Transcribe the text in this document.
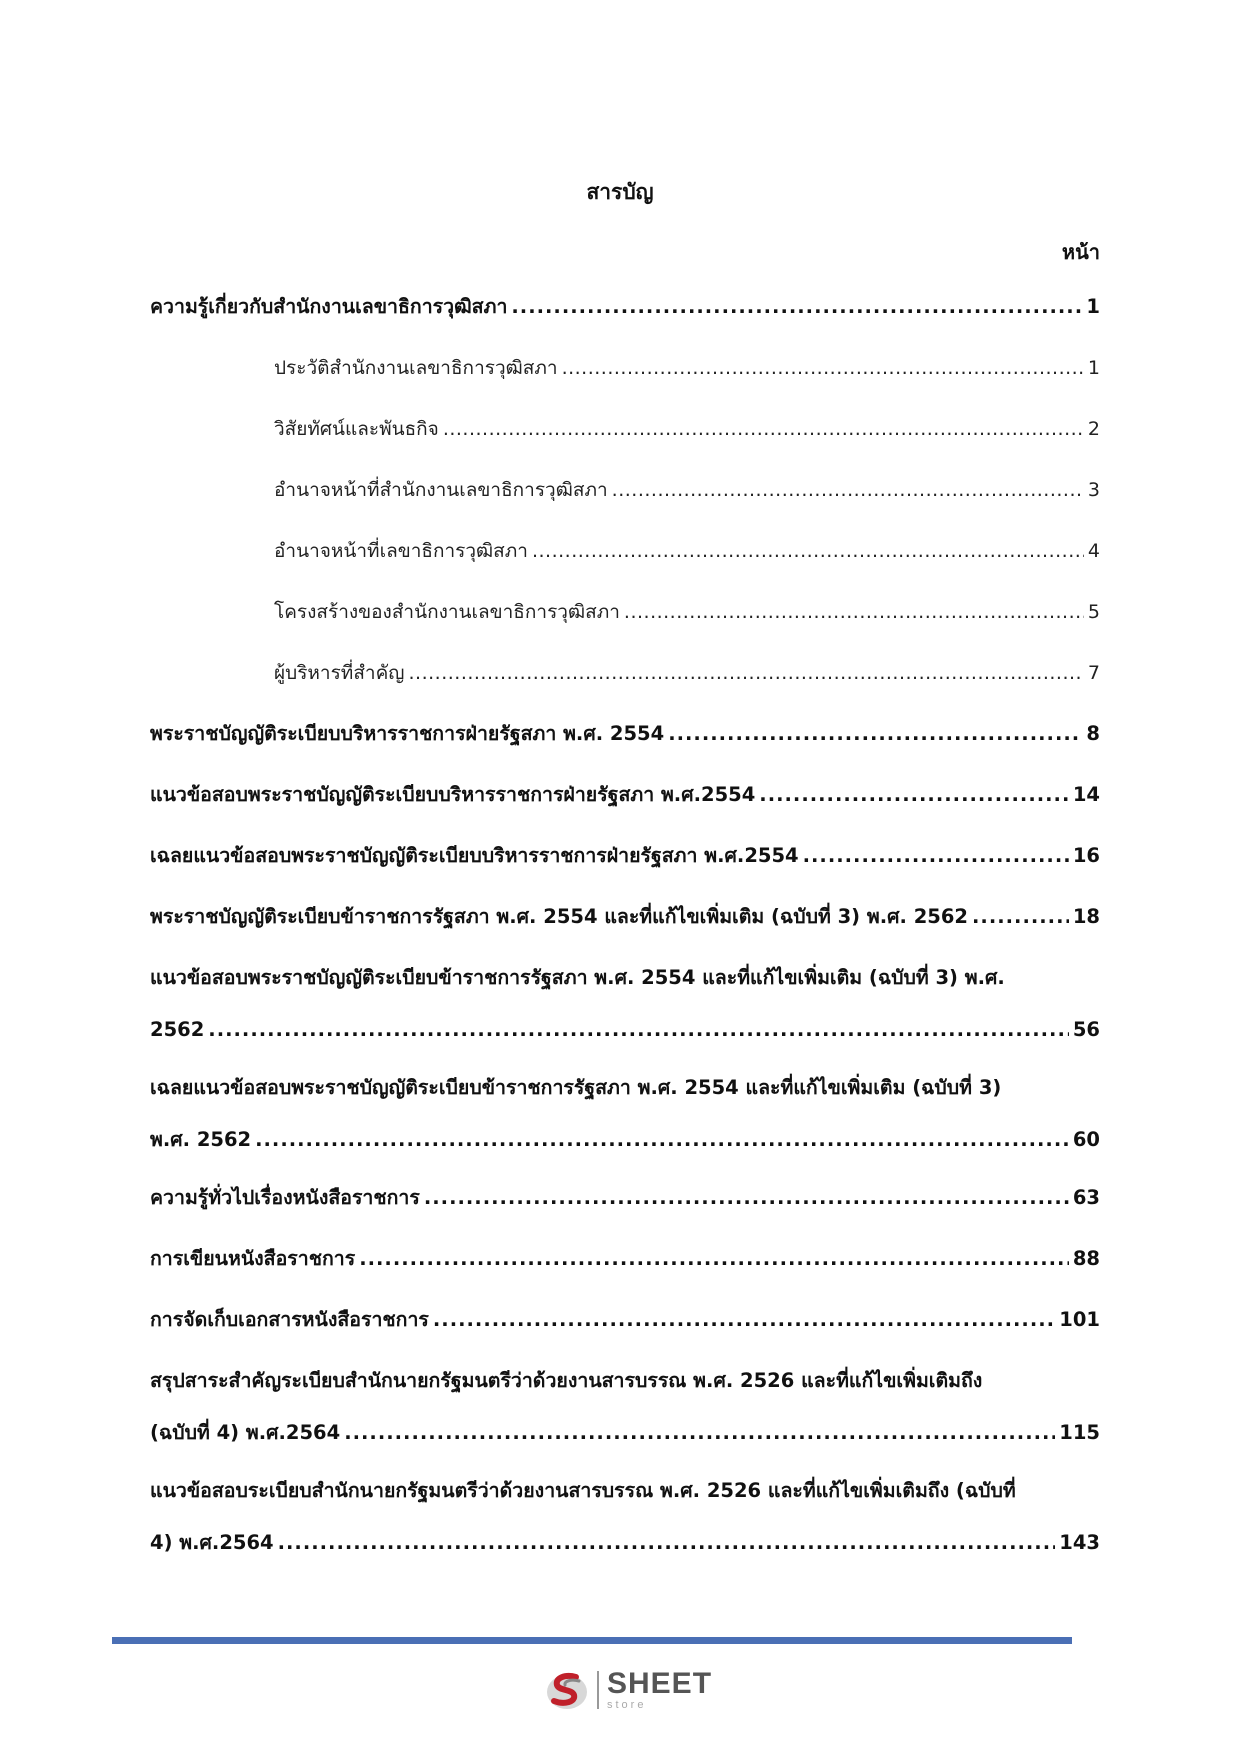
สารบัญ
หน้า
ความรู้เกี่ยวกับสำนักงานเลขาธิการวุฒิสภา .....	1
ประวัติสำนักงานเลขาธิการวุฒิสภา .....	1
วิสัยทัศน์และพันธกิจ .....	2
อำนาจหน้าที่สำนักงานเลขาธิการวุฒิสภา .....	3
อำนาจหน้าที่เลขาธิการวุฒิสภา .....	4
โครงสร้างของสำนักงานเลขาธิการวุฒิสภา .....	5
ผู้บริหารที่สำคัญ .....	7
พระราชบัญญัติระเบียบบริหารราชการฝ่ายรัฐสภา พ.ศ. 2554 .....	8
แนวข้อสอบพระราชบัญญัติระเบียบบริหารราชการฝ่ายรัฐสภา พ.ศ.2554 .....	14
เฉลยแนวข้อสอบพระราชบัญญัติระเบียบบริหารราชการฝ่ายรัฐสภา พ.ศ.2554 .....	16
พระราชบัญญัติระเบียบข้าราชการรัฐสภา พ.ศ. 2554 และที่แก้ไขเพิ่มเติม (ฉบับที่ 3) พ.ศ. 2562 .....	18
แนวข้อสอบพระราชบัญญัติระเบียบข้าราชการรัฐสภา พ.ศ. 2554 และที่แก้ไขเพิ่มเติม (ฉบับที่ 3) พ.ศ.
2562 .....	56
เฉลยแนวข้อสอบพระราชบัญญัติระเบียบข้าราชการรัฐสภา พ.ศ. 2554 และที่แก้ไขเพิ่มเติม (ฉบับที่ 3)
พ.ศ. 2562 .....	60
ความรู้ทั่วไปเรื่องหนังสือราชการ .....	63
การเขียนหนังสือราชการ .....	88
การจัดเก็บเอกสารหนังสือราชการ .....	101
สรุปสาระสำคัญระเบียบสำนักนายกรัฐมนตรีว่าด้วยงานสารบรรณ พ.ศ. 2526 และที่แก้ไขเพิ่มเติมถึง
(ฉบับที่ 4) พ.ศ.2564 .....	115
แนวข้อสอบระเบียบสำนักนายกรัฐมนตรีว่าด้วยงานสารบรรณ พ.ศ. 2526 และที่แก้ไขเพิ่มเติมถึง (ฉบับที่
4) พ.ศ.2564 .....	143
SHEET
store
